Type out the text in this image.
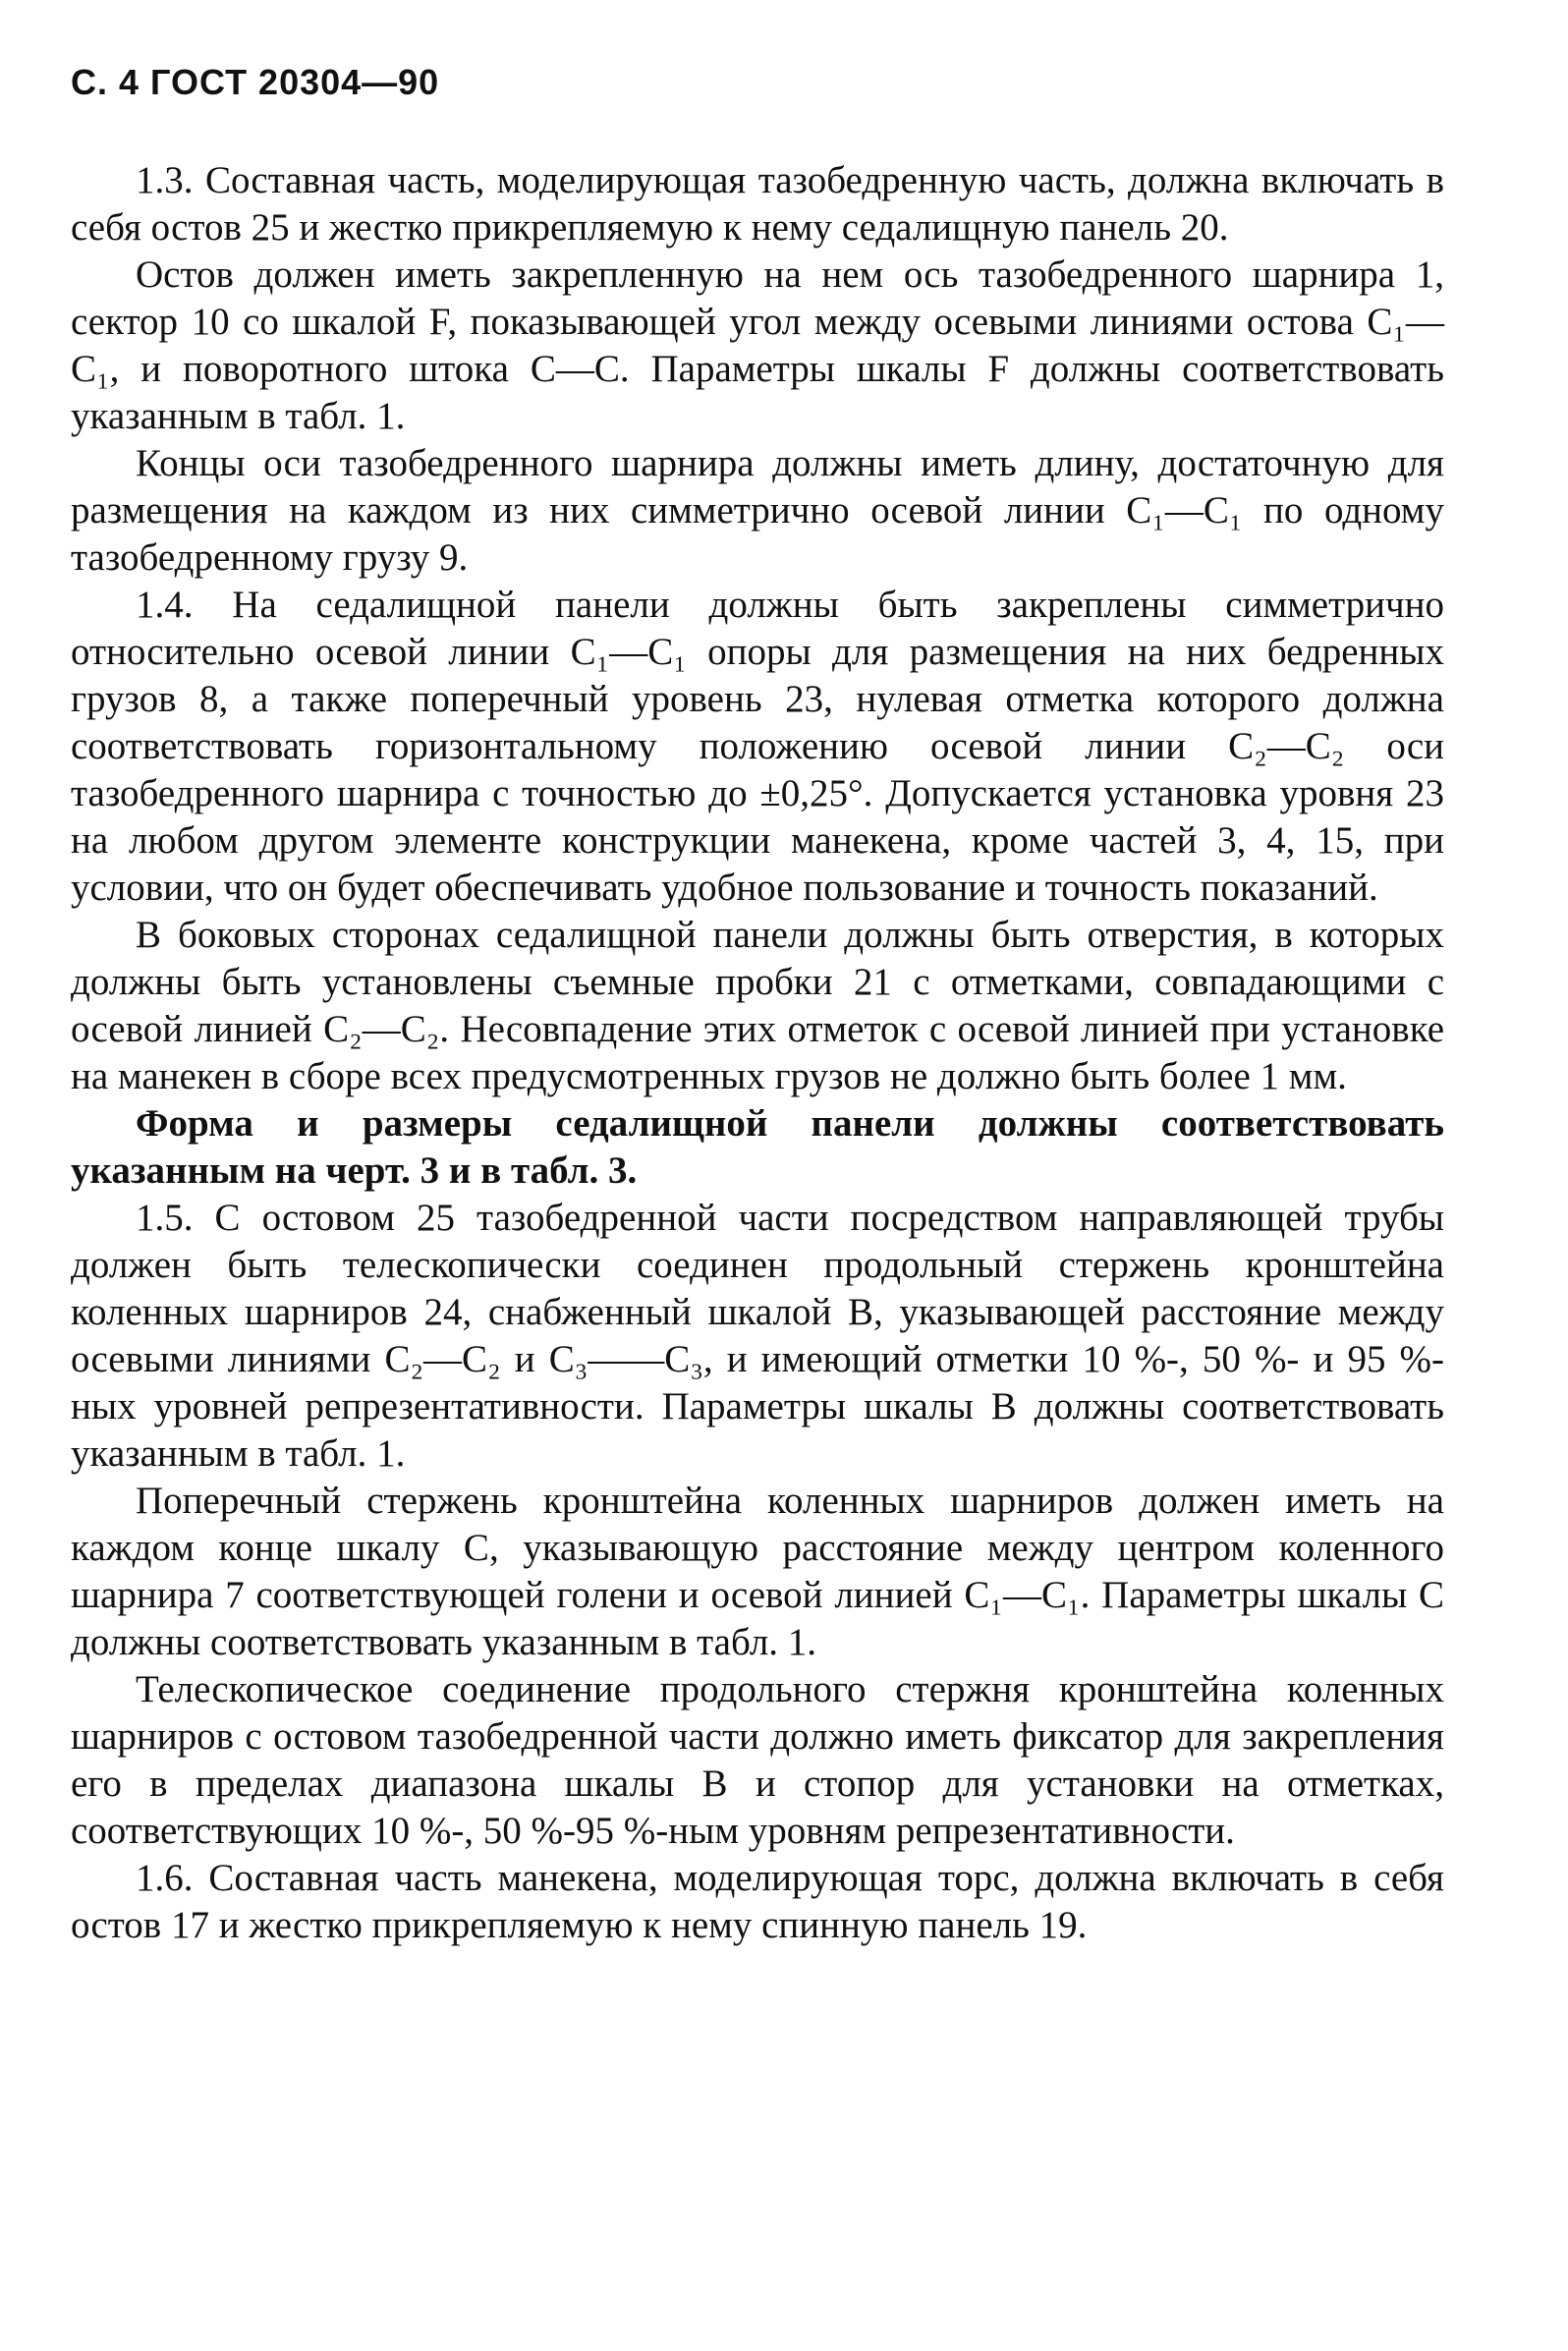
С. 4 ГОСТ 20304—90

1.3. Составная часть, моделирующая тазобедренную часть, должна включать в себя остов 25 и жестко прикрепляемую к нему седалищную панель 20.

Остов должен иметь закрепленную на нем ось тазобедренного шарнира 1, сектор 10 со шкалой F, показывающей угол между осевыми линиями остова C₁—C₁, и поворотного штока C—C. Параметры шкалы F должны соответствовать указанным в табл. 1.

Концы оси тазобедренного шарнира должны иметь длину, достаточную для размещения на каждом из них симметрично осевой линии C₁—C₁ по одному тазобедренному грузу 9.

1.4. На седалищной панели должны быть закреплены симметрично относительно осевой линии C₁—C₁ опоры для размещения на них бедренных грузов 8, а также поперечный уровень 23, нулевая отметка которого должна соответствовать горизонтальному положению осевой линии C₂—C₂ оси тазобедренного шарнира с точностью до ±0,25°. Допускается установка уровня 23 на любом другом элементе конструкции манекена, кроме частей 3, 4, 15, при условии, что он будет обеспечивать удобное пользование и точность показаний.

В боковых сторонах седалищной панели должны быть отверстия, в которых должны быть установлены съемные пробки 21 с отметками, совпадающими с осевой линией C₂—C₂. Несовпадение этих отметок с осевой линией при установке на манекен в сборе всех предусмотренных грузов не должно быть более 1 мм.

Форма и размеры седалищной панели должны соответствовать указанным на черт. 3 и в табл. 3.

1.5. С остовом 25 тазобедренной части посредством направляющей трубы должен быть телескопически соединен продольный стержень кронштейна коленных шарниров 24, снабженный шкалой B, указывающей расстояние между осевыми линиями C₂—C₂ и C₃——C₃, и имеющий отметки 10 %-, 50 %- и 95 %-ных уровней репрезентативности. Параметры шкалы B должны соответствовать указанным в табл. 1.

Поперечный стержень кронштейна коленных шарниров должен иметь на каждом конце шкалу C, указывающую расстояние между центром коленного шарнира 7 соответствующей голени и осевой линией C₁—C₁. Параметры шкалы C должны соответствовать указанным в табл. 1.

Телескопическое соединение продольного стержня кронштейна коленных шарниров с остовом тазобедренной части должно иметь фиксатор для закрепления его в пределах диапазона шкалы B и стопор для установки на отметках, соответствующих 10 %-, 50 %-95 %-ным уровням репрезентативности.

1.6. Составная часть манекена, моделирующая торс, должна включать в себя остов 17 и жестко прикрепляемую к нему спинную панель 19.
